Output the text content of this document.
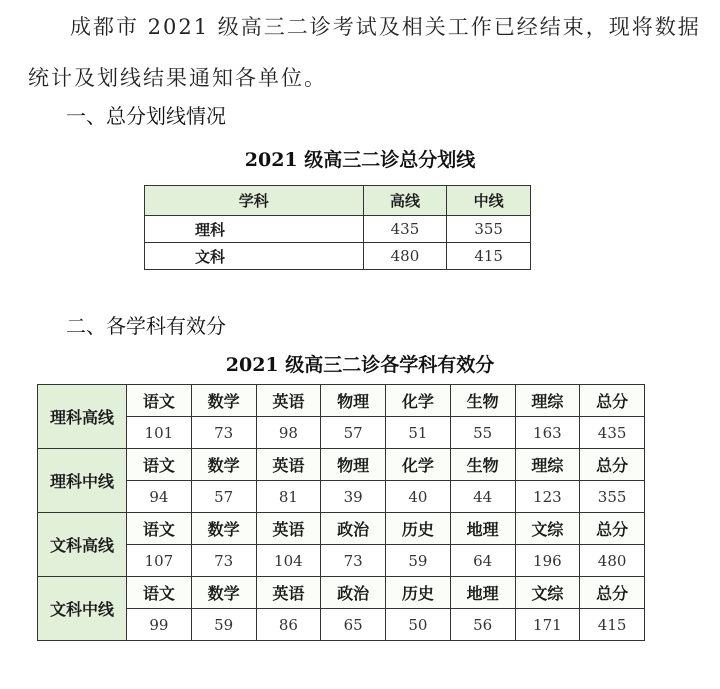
成都市 2021 级高三二诊考试及相关工作已经结束，现将数据统计及划线结果通知各单位。

一、总分划线情况
2021 级高三二诊总分划线
学科	高线	中线
理科	435	355
文科	480	415
二、各学科有效分
2021 级高三二诊各学科有效分
理科高线	语文	数学	英语	物理	化学	生物	理综	总分
	101	73	98	57	51	55	163	435
理科中线	语文	数学	英语	物理	化学	生物	理综	总分
	94	57	81	39	40	44	123	355
文科高线	语文	数学	英语	政治	历史	地理	文综	总分
	107	73	104	73	59	64	196	480
文科中线	语文	数学	英语	政治	历史	地理	文综	总分
	99	59	86	65	50	56	171	415
